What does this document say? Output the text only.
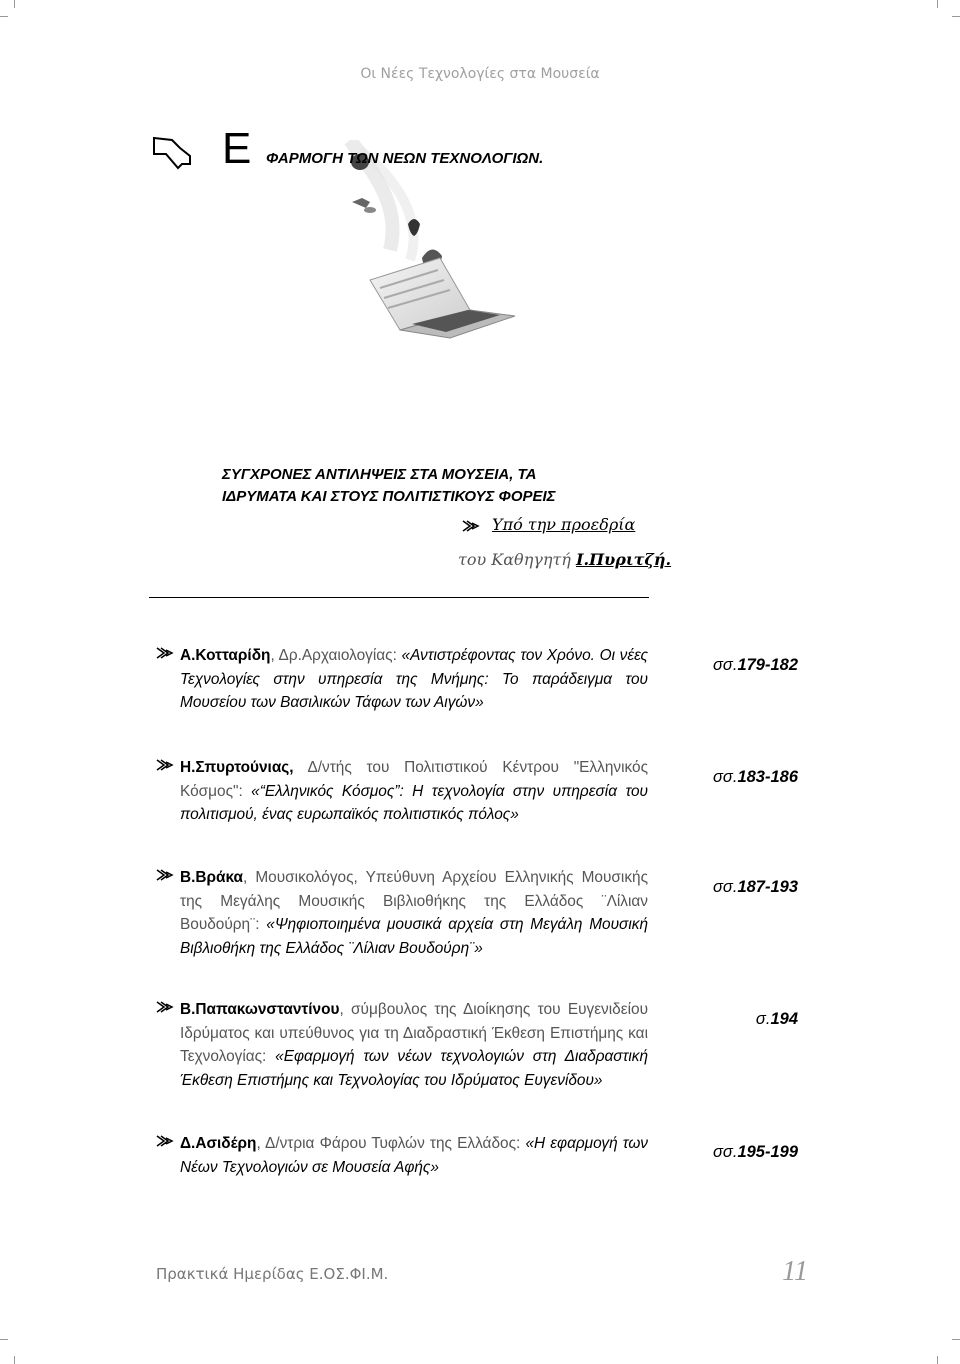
Οι Νέες Τεχνολογίες στα Μουσεία
Ε ΦΑΡΜΟΓΗ ΤΩΝ ΝΕΩΝ ΤΕΧΝΟΛΟΓΙΩΝ.
ΣΥΓΧΡΟΝΕΣ ΑΝΤΙΛΗΨΕΙΣ ΣΤΑ ΜΟΥΣΕΙΑ, ΤΑ
ΙΔΡΥΜΑΤΑ ΚΑΙ ΣΤΟΥΣ ΠΟΛΙΤΙΣΤΙΚΟΥΣ ΦΟΡΕΙΣ
Υπό την προεδρία
του Καθηγητή Ι.Πυριτζή.
Α.Κοτταρίδη, Δρ.Αρχαιολογίας: «Αντιστρέφοντας τον Χρόνο. Οι νέες Τεχνολογίες στην υπηρεσία της Μνήμης: Το παράδειγμα του Μουσείου των Βασιλικών Τάφων των Αιγών»
σσ.179-182
Η.Σπυρτούνιας, Δ/ντής του Πολιτιστικού Κέντρου "Ελληνικός Κόσμος": «“Ελληνικός Κόσμος”: Η τεχνολογία στην υπηρεσία του πολιτισμού, ένας ευρωπαϊκός πολιτιστικός πόλος»
σσ.183-186
Β.Βράκα, Μουσικολόγος, Υπεύθυνη Αρχείου Ελληνικής Μουσικής της Μεγάλης Μουσικής Βιβλιοθήκης της Ελλάδος ¨Λίλιαν Βουδούρη¨: «Ψηφιοποιημένα μουσικά αρχεία στη Μεγάλη Μουσική Βιβλιοθήκη της Ελλάδος ¨Λίλιαν Βουδούρη¨»
σσ.187-193
Β.Παπακωνσταντίνου, σύμβουλος της Διοίκησης του Ευγενιδείου Ιδρύματος και υπεύθυνος για τη Διαδραστική Έκθεση Επιστήμης και Τεχνολογίας: «Εφαρμογή των νέων τεχνολογιών στη Διαδραστική Έκθεση Επιστήμης και Τεχνολογίας του Ιδρύματος Ευγενίδου»
σ.194
Δ.Ασιδέρη, Δ/ντρια Φάρου Τυφλών της Ελλάδος: «Η εφαρμογή των Νέων Τεχνολογιών σε Μουσεία Αφής»
σσ.195-199
Πρακτικά Ημερίδας Ε.ΟΣ.ΦΙ.Μ.	11
